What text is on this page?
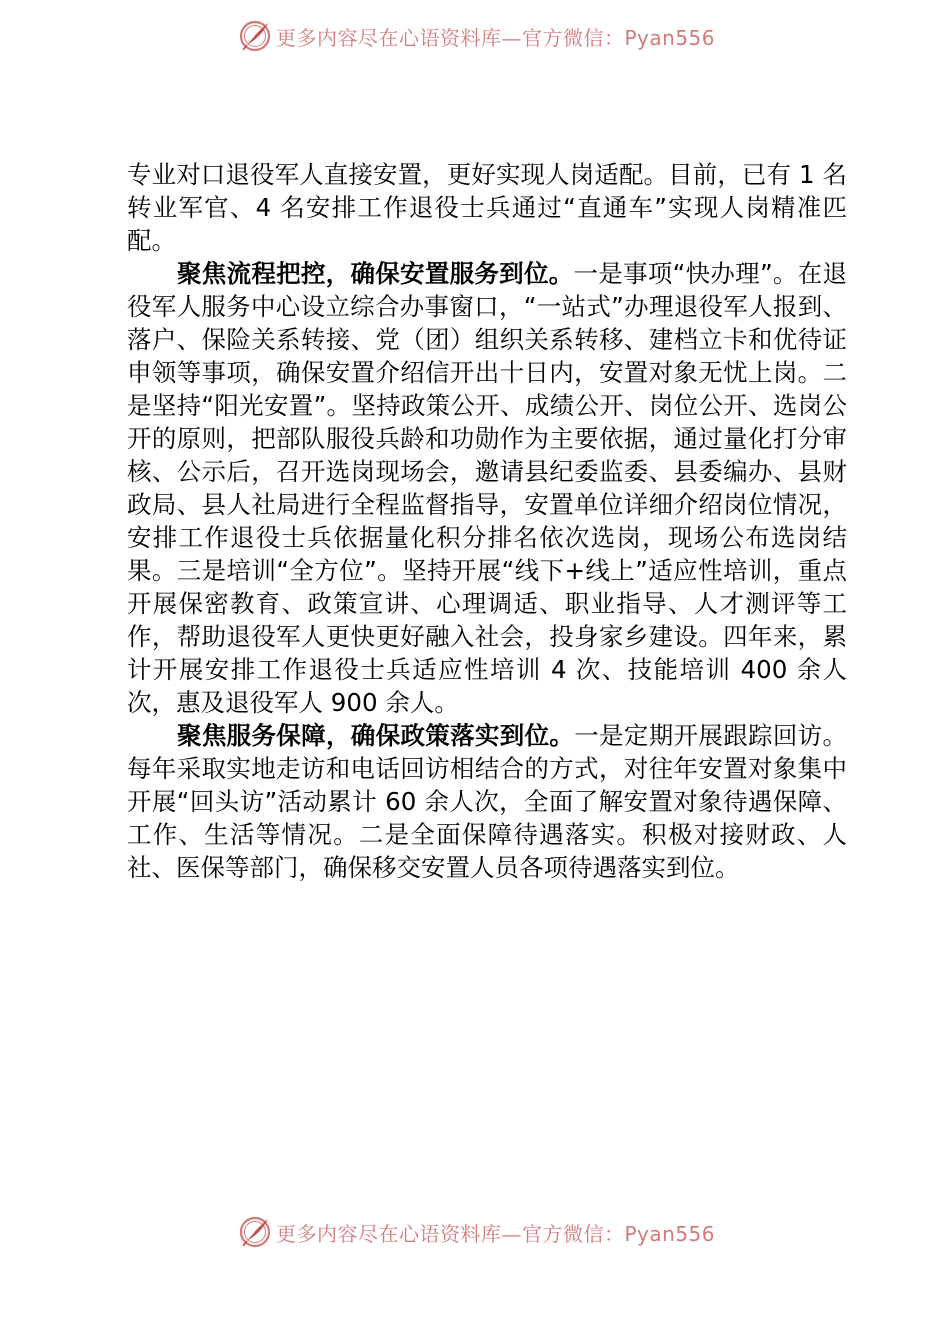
更多内容尽在心语资料库—官方微信：Pyan556

专业对口退役军人直接安置，更好实现人岗适配。目前，已有 1 名转业军官、4 名安排工作退役士兵通过“直通车”实现人岗精准匹配。

聚焦流程把控，确保安置服务到位。一是事项“快办理”。在退役军人服务中心设立综合办事窗口，“一站式”办理退役军人报到、落户、保险关系转接、党（团）组织关系转移、建档立卡和优待证申领等事项，确保安置介绍信开出十日内，安置对象无忧上岗。二是坚持“阳光安置”。坚持政策公开、成绩公开、岗位公开、选岗公开的原则，把部队服役兵龄和功勋作为主要依据，通过量化打分审核、公示后，召开选岗现场会，邀请县纪委监委、县委编办、县财政局、县人社局进行全程监督指导，安置单位详细介绍岗位情况，安排工作退役士兵依据量化积分排名依次选岗，现场公布选岗结果。三是培训“全方位”。坚持开展“线下+线上”适应性培训，重点开展保密教育、政策宣讲、心理调适、职业指导、人才测评等工作，帮助退役军人更快更好融入社会，投身家乡建设。四年来，累计开展安排工作退役士兵适应性培训 4 次、技能培训 400 余人次，惠及退役军人 900 余人。

聚焦服务保障，确保政策落实到位。一是定期开展跟踪回访。每年采取实地走访和电话回访相结合的方式，对往年安置对象集中开展“回头访”活动累计 60 余人次，全面了解安置对象待遇保障、工作、生活等情况。二是全面保障待遇落实。积极对接财政、人社、医保等部门，确保移交安置人员各项待遇落实到位。

更多内容尽在心语资料库—官方微信：Pyan556
